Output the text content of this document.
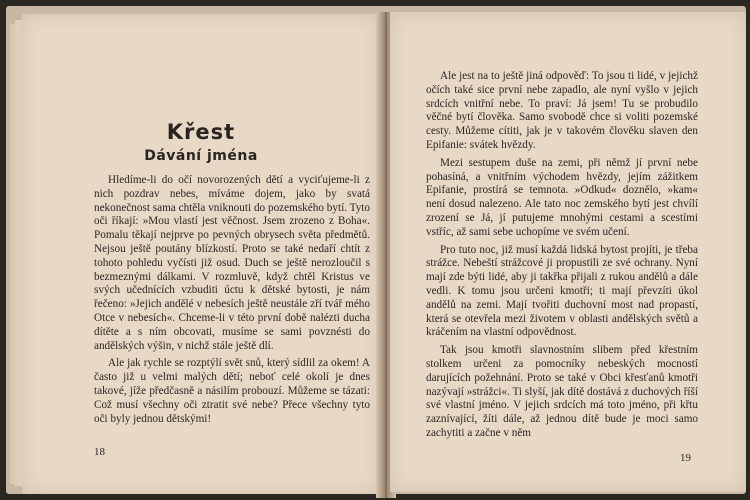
Křest
Dávání jména

Hledíme-li do očí novorozených dětí a vyciťujeme-li z nich pozdrav nebes, míváme dojem, jako by svatá nekonečnost sama chtěla vniknouti do pozemského bytí. Tyto oči říkají: »Mou vlastí jest věčnost. Jsem zrozeno z Boha«. Pomalu těkají nejprve po pevných obrysech světa předmětů. Nejsou ještě poutány blízkostí. Proto se také nedaří chtít z tohoto pohledu vyčísti již osud. Duch se ještě nerozloučil s bezmeznými dálkami. V rozmluvě, když chtěl Kristus ve svých učednících vzbuditi úctu k dětské bytosti, je nám řečeno: »Jejich andělé v nebesích ještě neustále zří tvář mého Otce v nebesích«. Chceme-li v této první době nalézti ducha dítěte a s ním obcovati, musíme se sami povznésti do andělských výšin, v nichž stále ještě dlí.

Ale jak rychle se rozptýlí svět snů, který sídlil za okem! A často již u velmi malých dětí; neboť celé okolí je dnes takové, jíže předčasně a násilím probouzí. Můžeme se tázati: Což musí všechny oči ztratit své nebe? Přece všechny tyto oči byly jednou dětskými!

18

Ale jest na to ještě jiná odpověď: To jsou ti lidé, v jejichž očích také sice první nebe zapadlo, ale nyní vyšlo v jejich srdcích vnitřní nebe. To praví: Já jsem! Tu se probudilo věčné bytí člověka. Samo svobodě chce si voliti pozemské cesty. Můžeme cítiti, jak je v takovém člověku slaven den Epifanie: svátek hvězdy.

Mezi sestupem duše na zemi, při němž jí první nebe pohasíná, a vnitřním východem hvězdy, jejím zážitkem Epifanie, prostírá se temnota. »Odkud« doznělo, »kam« není dosud nalezeno. Ale tato noc zemského bytí jest chvílí zrození se Já, jí putujeme mnohými cestami a scestími vstříc, až sami sebe uchopíme ve svém učení.

Pro tuto noc, již musí každá lidská bytost projíti, je třeba strážce. Nebeští strážcové ji propustili ze své ochrany. Nyní mají zde býti lidé, aby ji takřka přijali z rukou andělů a dále vedli. K tomu jsou určeni kmotři; ti mají převzíti úkol andělů na zemi. Mají tvořiti duchovní most nad propastí, která se otevřela mezi životem v oblasti andělských světů a kráčením na vlastní odpovědnost.

Tak jsou kmotři slavnostním slibem před křestním stolkem určeni za pomocníky nebeských mocností darujících požehnání. Proto se také v Obci křesťanů kmotři nazývají »strážci«. Ti slyší, jak dítě dostává z duchových říší své vlastní jméno. V jejich srdcích má toto jméno, při křtu zaznívající, žíti dále, až jednou dítě bude je moci samo zachytiti a začne v něm

19
